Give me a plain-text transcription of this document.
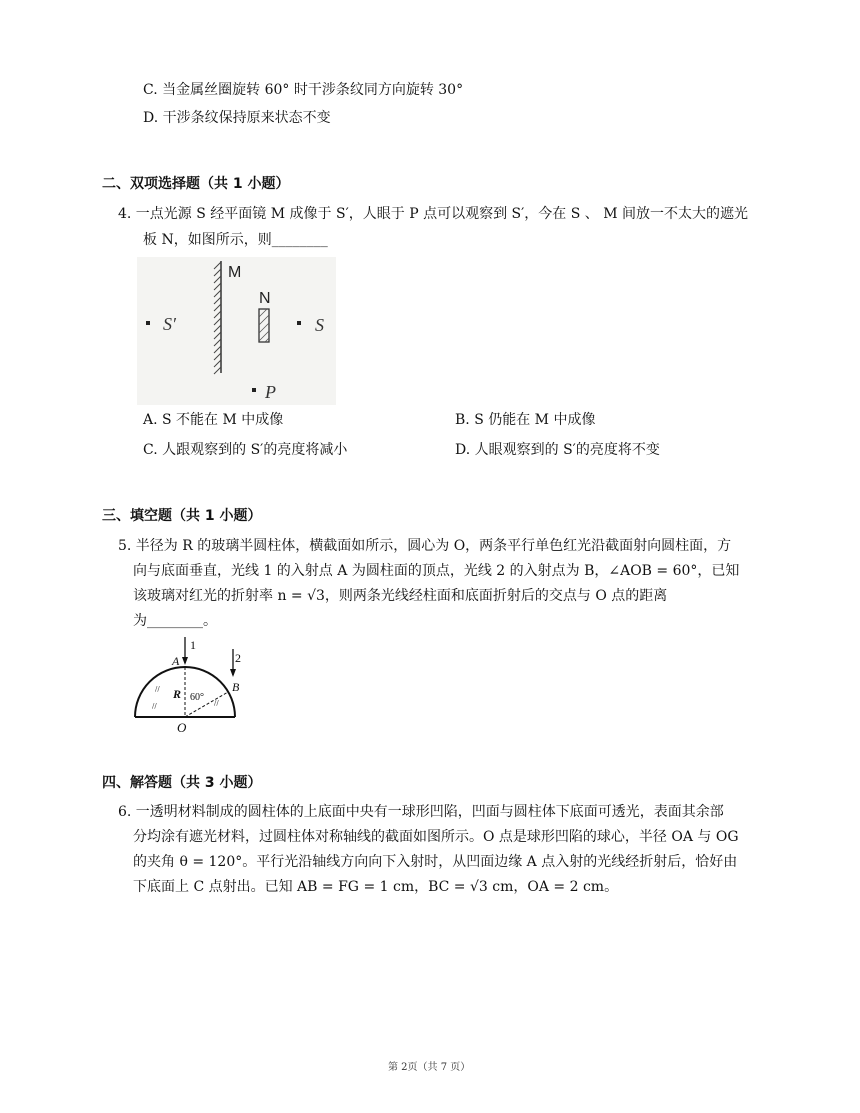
C. 当金属丝圈旋转 60° 时干涉条纹同方向旋转 30°
D. 干涉条纹保持原来状态不变
二、双项选择题（共 1 小题）
4. 一点光源 S 经平面镜 M 成像于 S′，人眼于 P 点可以观察到 S′，今在 S 、 M 间放一不太大的遮光
板 N，如图所示，则________
M
N
S′	S
P
A. S 不能在 M 中成像	B. S 仍能在 M 中成像
C. 人跟观察到的 S′的亮度将减小	D. 人眼观察到的 S′的亮度将不变
三、填空题（共 1 小题）
5. 半径为 R 的玻璃半圆柱体，横截面如所示，圆心为 O，两条平行单色红光沿截面射向圆柱面，方
向与底面垂直，光线 1 的入射点 A 为圆柱面的顶点，光线 2 的入射点为 B，∠AOB = 60°，已知
该玻璃对红光的折射率 n = √3，则两条光线经柱面和底面折射后的交点与 O 点的距离
为________。
//
//
//
1
2
A
B
R 60°
O
四、解答题（共 3 小题）
6. 一透明材料制成的圆柱体的上底面中央有一球形凹陷，凹面与圆柱体下底面可透光，表面其余部
分均涂有遮光材料，过圆柱体对称轴线的截面如图所示。O 点是球形凹陷的球心，半径 OA 与 OG
的夹角 θ = 120°。平行光沿轴线方向向下入射时，从凹面边缘 A 点入射的光线经折射后，恰好由
下底面上 C 点射出。已知 AB = FG = 1 cm，BC = √3 cm，OA = 2 cm。
第 2页（共 7 页）
